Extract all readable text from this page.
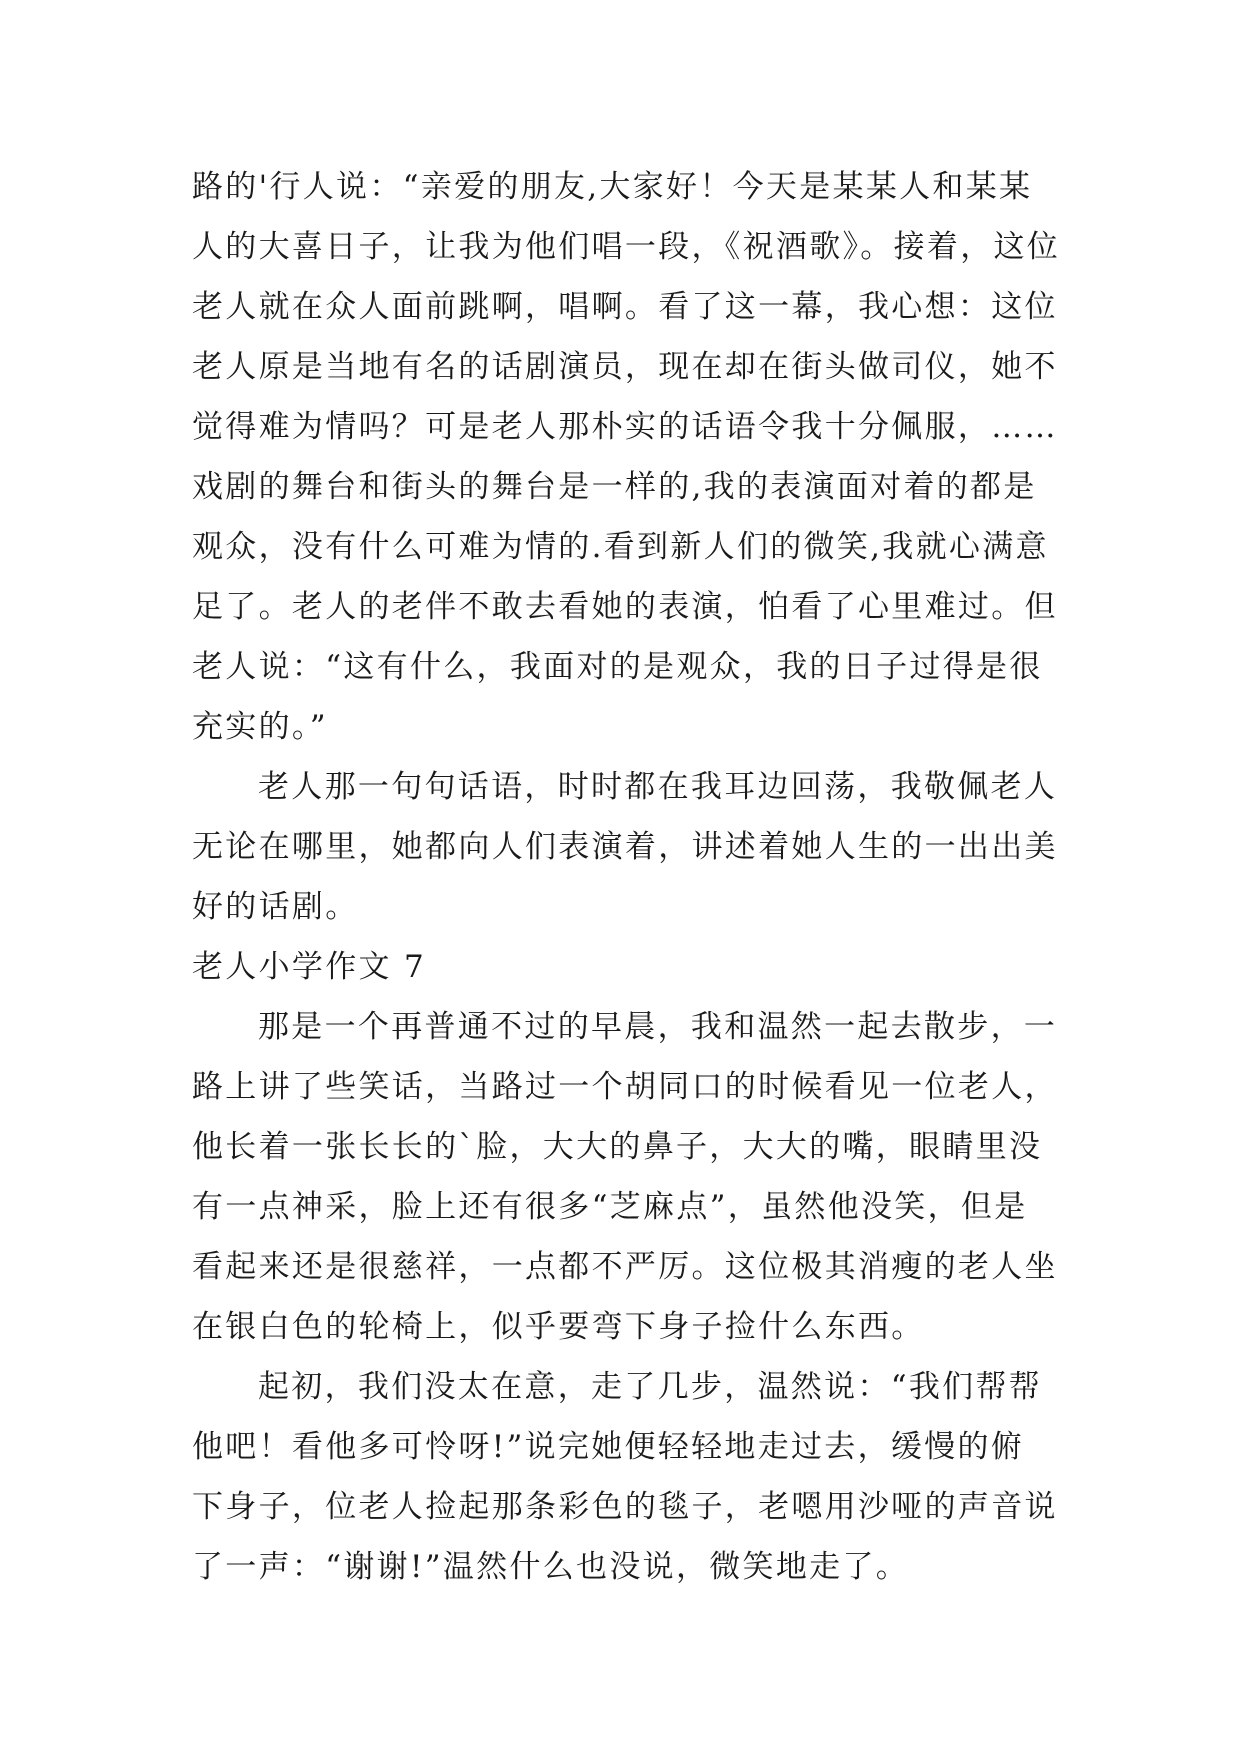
路的'行人说：“亲爱的朋友,大家好！今天是某某人和某某
人的大喜日子，让我为他们唱一段，《祝酒歌》。接着，这位
老人就在众人面前跳啊，唱啊。看了这一幕，我心想：这位
老人原是当地有名的话剧演员，现在却在街头做司仪，她不
觉得难为情吗？可是老人那朴实的话语令我十分佩服，……
戏剧的舞台和街头的舞台是一样的,我的表演面对着的都是
观众，没有什么可难为情的.看到新人们的微笑,我就心满意
足了。老人的老伴不敢去看她的表演，怕看了心里难过。但
老人说：“这有什么，我面对的是观众，我的日子过得是很
充实的。”
老人那一句句话语，时时都在我耳边回荡，我敬佩老人
无论在哪里，她都向人们表演着，讲述着她人生的一出出美
好的话剧。
老人小学作文 7
那是一个再普通不过的早晨，我和温然一起去散步，一
路上讲了些笑话，当路过一个胡同口的时候看见一位老人，
他长着一张长长的`脸，大大的鼻子，大大的嘴，眼睛里没
有一点神采，脸上还有很多“芝麻点”，虽然他没笑，但是
看起来还是很慈祥，一点都不严厉。这位极其消瘦的老人坐
在银白色的轮椅上，似乎要弯下身子捡什么东西。
起初，我们没太在意，走了几步，温然说：“我们帮帮
他吧！看他多可怜呀!”说完她便轻轻地走过去，缓慢的俯
下身子，位老人捡起那条彩色的毯子，老嗯用沙哑的声音说
了一声：“谢谢!”温然什么也没说，微笑地走了。
